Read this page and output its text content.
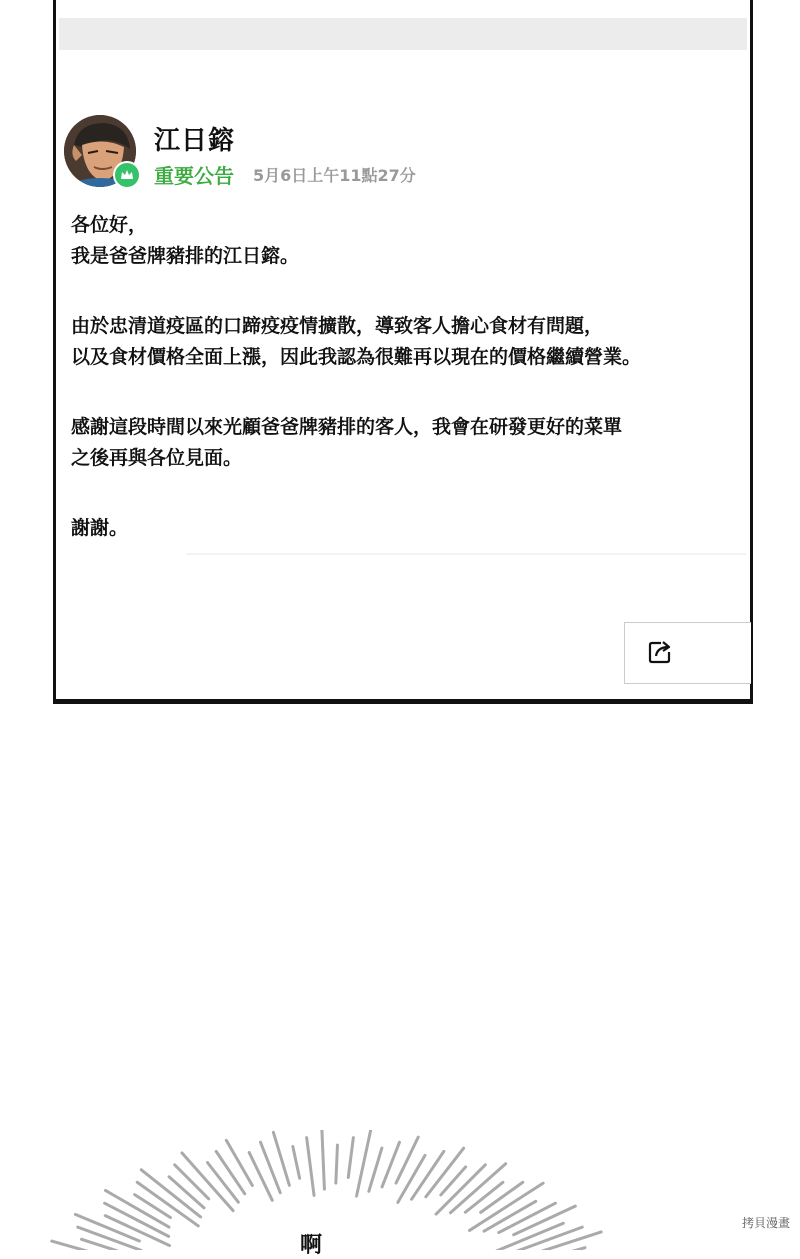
江日鎔
重要公告 5月6日上午11點27分

各位好，
我是爸爸牌豬排的江日鎔。

由於忠清道疫區的口蹄疫疫情擴散，導致客人擔心食材有問題，
以及食材價格全面上漲，因此我認為很難再以現在的價格繼續營業。

感謝這段時間以來光顧爸爸牌豬排的客人，我會在研發更好的菜單
之後再與各位見面。

謝謝。

啊
拷貝漫畫
